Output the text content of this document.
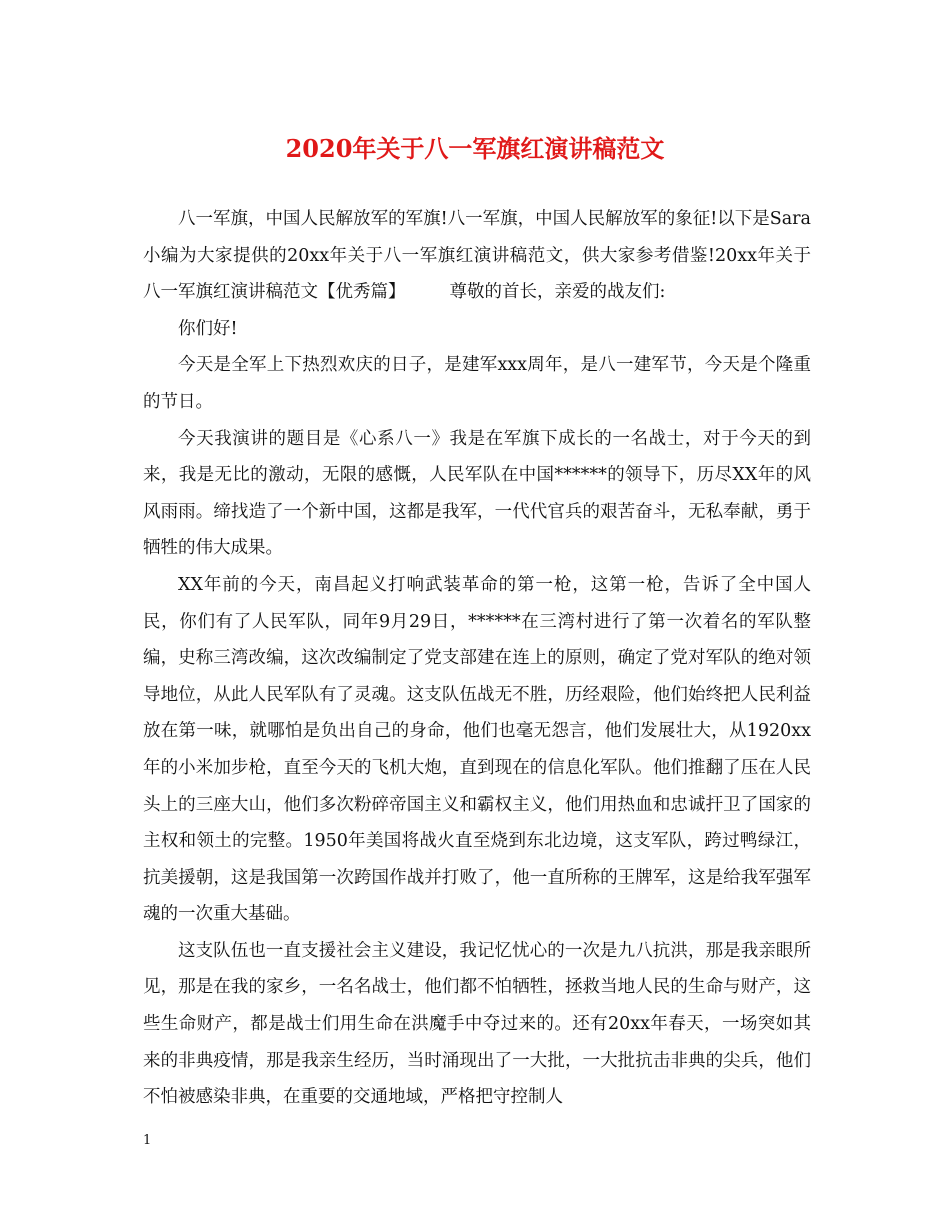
2020年关于八一军旗红演讲稿范文

八一军旗，中国人民解放军的军旗!八一军旗，中国人民解放军的象征!以下是Sara小编为大家提供的20xx年关于八一军旗红演讲稿范文，供大家参考借鉴!20xx年关于八一军旗红演讲稿范文【优秀篇】	尊敬的首长，亲爱的战友们:

你们好!

今天是全军上下热烈欢庆的日子，是建军xxx周年，是八一建军节，今天是个隆重的节日。

今天我演讲的题目是《心系八一》我是在军旗下成长的一名战士，对于今天的到来，我是无比的激动，无限的感慨，人民军队在中国******的领导下，历尽XX年的风风雨雨。缔找造了一个新中国，这都是我军，一代代官兵的艰苦奋斗，无私奉献，勇于牺牲的伟大成果。

XX年前的今天，南昌起义打响武装革命的第一枪，这第一枪，告诉了全中国人民，你们有了人民军队，同年9月29日，******在三湾村进行了第一次着名的军队整编，史称三湾改编，这次改编制定了党支部建在连上的原则，确定了党对军队的绝对领导地位，从此人民军队有了灵魂。这支队伍战无不胜，历经艰险，他们始终把人民利益放在第一味，就哪怕是负出自己的身命，他们也毫无怨言，他们发展壮大，从1920xx年的小米加步枪，直至今天的飞机大炮，直到现在的信息化军队。他们推翻了压在人民头上的三座大山，他们多次粉碎帝国主义和霸权主义，他们用热血和忠诚扞卫了国家的主权和领土的完整。1950年美国将战火直至烧到东北边境，这支军队，跨过鸭绿江，抗美援朝，这是我国第一次跨国作战并打败了，他一直所称的王牌军，这是给我军强军魂的一次重大基础。

这支队伍也一直支援社会主义建设，我记忆忧心的一次是九八抗洪，那是我亲眼所见，那是在我的家乡，一名名战士，他们都不怕牺牲，拯救当地人民的生命与财产，这些生命财产，都是战士们用生命在洪魔手中夺过来的。还有20xx年春天，一场突如其来的非典疫情，那是我亲生经历，当时涌现出了一大批，一大批抗击非典的尖兵，他们不怕被感染非典，在重要的交通地域，严格把守控制人

1
